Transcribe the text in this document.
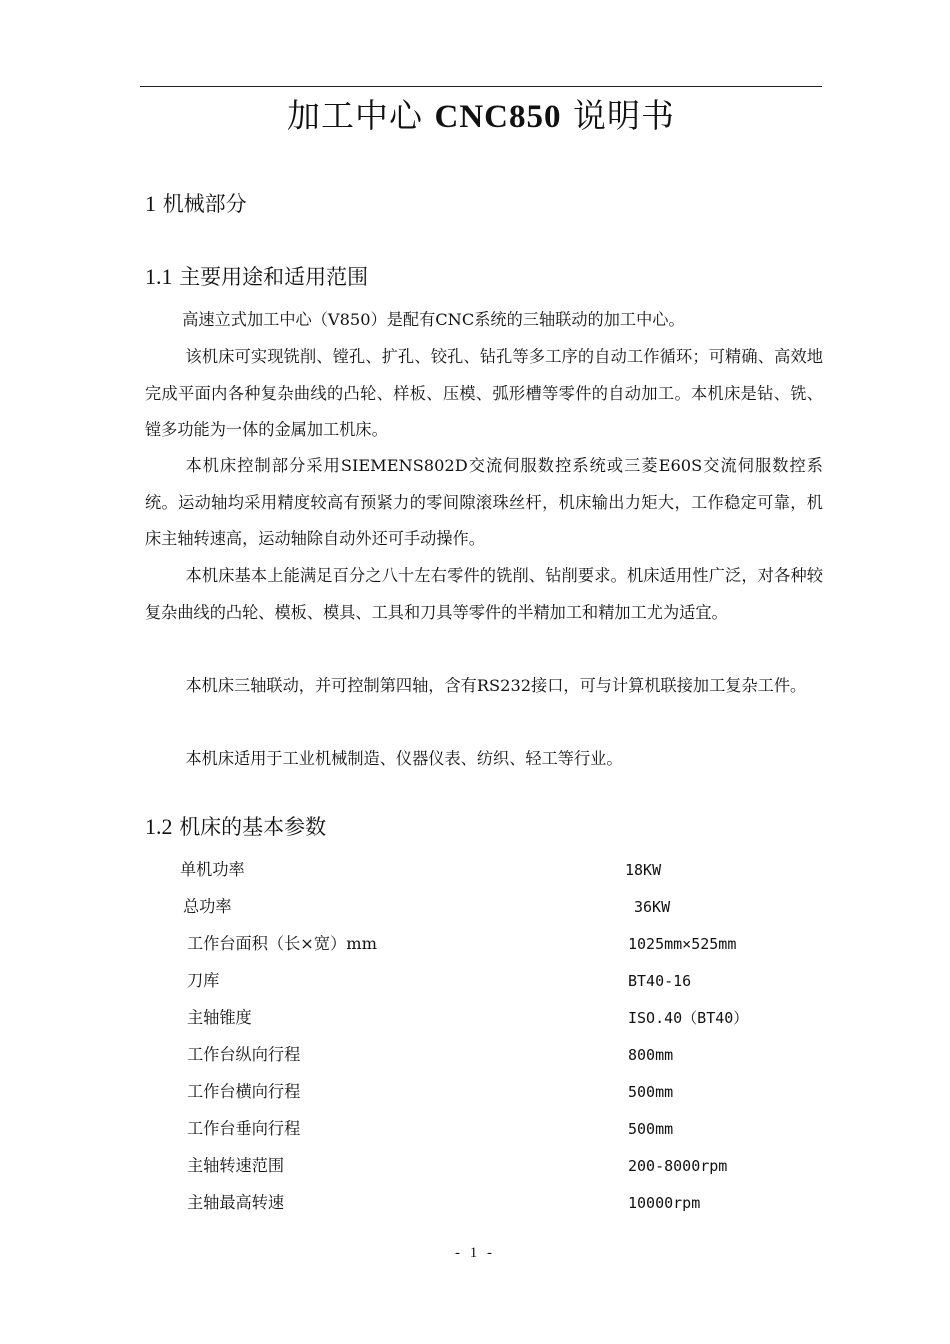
加工中心 CNC850 说明书
1 机械部分
1.1 主要用途和适用范围

高速立式加工中心（V850）是配有CNC系统的三轴联动的加工中心。

该机床可实现铣削、镗孔、扩孔、铰孔、钻孔等多工序的自动工作循环；可精确、高效地完成平面内各种复杂曲线的凸轮、样板、压模、弧形槽等零件的自动加工。本机床是钻、铣、镗多功能为一体的金属加工机床。

本机床控制部分采用SIEMENS802D交流伺服数控系统或三菱E60S交流伺服数控系统。运动轴均采用精度较高有预紧力的零间隙滚珠丝杆，机床输出力矩大，工作稳定可靠，机床主轴转速高，运动轴除自动外还可手动操作。

本机床基本上能满足百分之八十左右零件的铣削、钻削要求。机床适用性广泛，对各种较复杂曲线的凸轮、模板、模具、工具和刀具等零件的半精加工和精加工尤为适宜。

本机床三轴联动，并可控制第四轴，含有RS232接口，可与计算机联接加工复杂工件。

本机床适用于工业机械制造、仪器仪表、纺织、轻工等行业。

1.2 机床的基本参数
单机功率	18KW
总功率	36KW
工作台面积（长×宽）mm	1025mm×525mm
刀库	BT40-16
主轴锥度	ISO.40（BT40）
工作台纵向行程	800mm
工作台横向行程	500mm
工作台垂向行程	500mm
主轴转速范围	200-8000rpm
主轴最高转速	10000rpm
- 1 -
